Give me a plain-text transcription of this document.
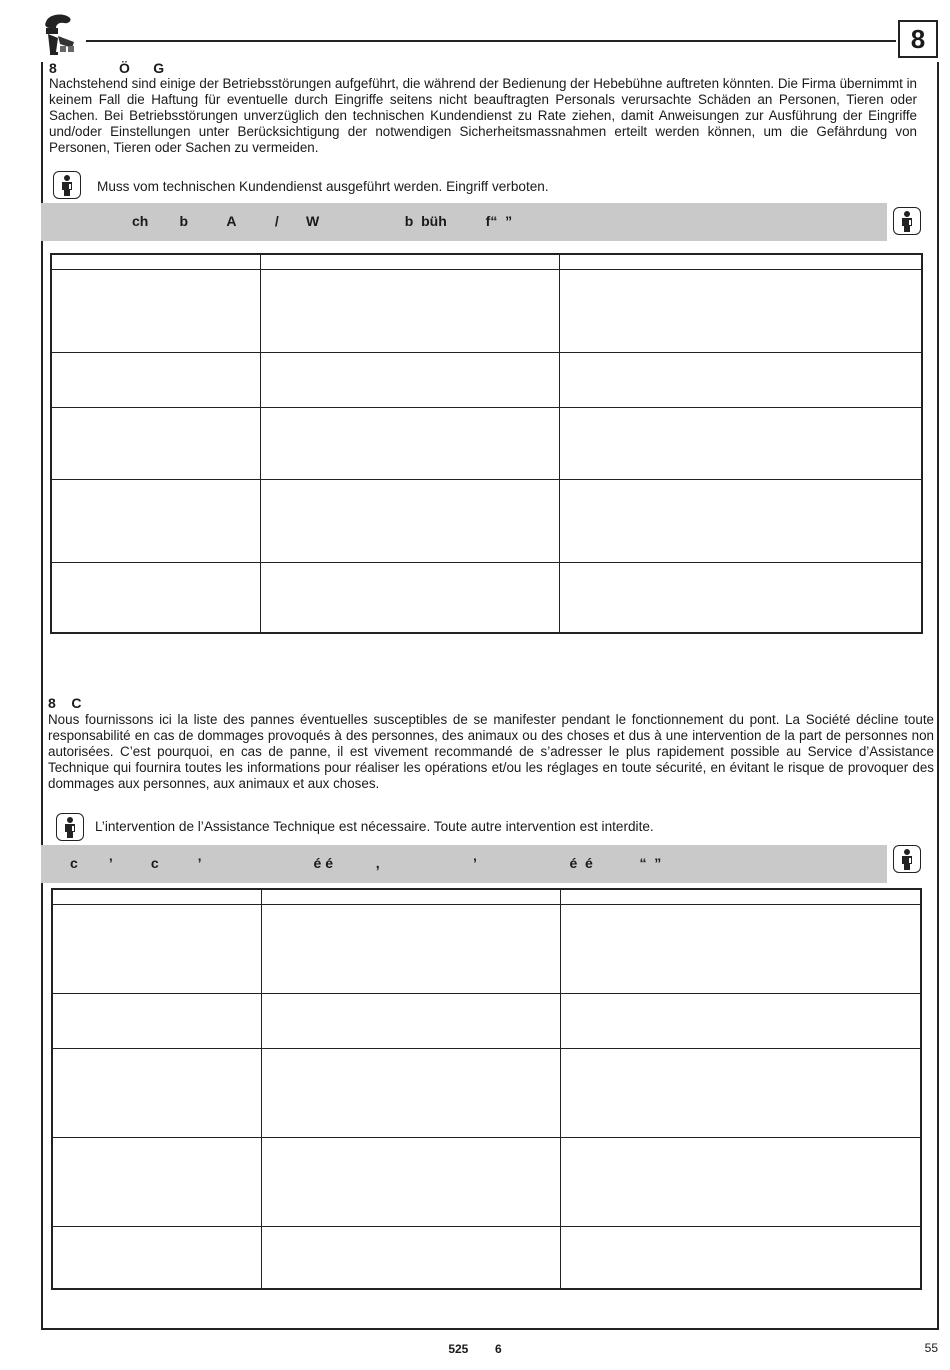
8
8                Ö      G
Nachstehend sind einige der Betriebsstörungen aufgeführt, die während der Bedienung der Hebebühne auftreten könnten. Die Firma übernimmt in keinem Fall die Haftung für eventuelle durch Eingriffe seitens nicht beauftragten Personals verursachte Schäden an Personen, Tieren oder Sachen. Bei Betriebsstörungen unverzüglich den technischen Kundendienst zu Rate ziehen, damit Anweisungen zur Ausführung der Eingriffe und/oder Einstellungen unter Berücksichtigung der notwendigen Sicherheitsmassnahmen erteilt werden können, um die Gefährdung von Personen, Tieren oder Sachen zu vermeiden.
Muss vom technischen Kundendienst ausgeführt werden. Eingriff verboten.
ch        b          A          /       W                      b  büh          f“  ”

8    C
Nous fournissons ici la liste des pannes éventuelles susceptibles de se manifester pendant le fonctionnement du pont. La Société décline toute responsabilité en cas de dommages provoqués à des personnes, des animaux ou des choses et dus à une intervention de la part de personnes non autorisées. C’est pourquoi, en cas de panne, il est vivement recommandé de s’adresser le plus rapidement possible au Service d’Assistance Technique qui fournira toutes les informations pour réaliser les opérations et/ou les réglages en toute sécurité, en évitant le risque de provoquer des dommages aux personnes, aux animaux et aux choses.
L’intervention de l’Assistance Technique est nécessaire. Toute autre intervention est interdite.
c        ’          c          ’                             é é           ,                        ’                        é  é            “  ”

525        6	55
